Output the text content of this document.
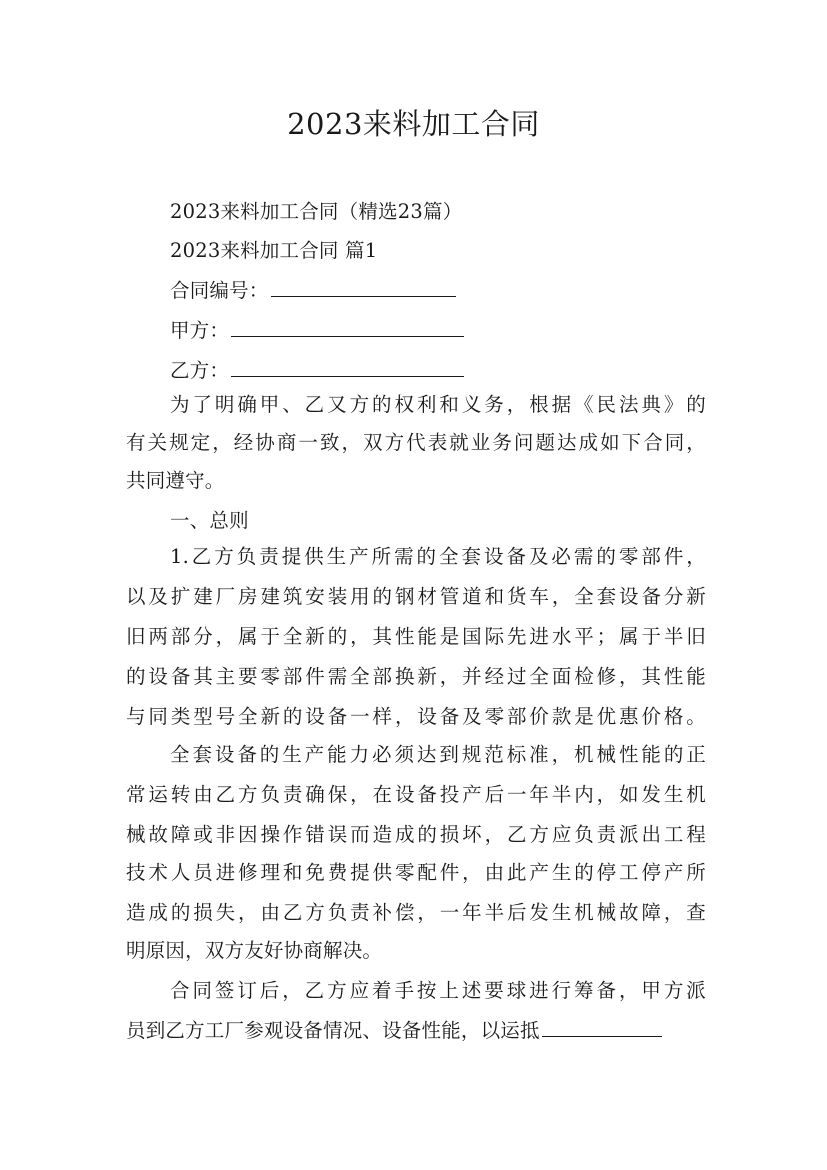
2023来料加工合同
2023来料加工合同（精选23篇）
2023来料加工合同 篇1
合同编号：
甲方：
乙方：
为了明确甲、乙又方的权利和义务，根据《民法典》的
有关规定，经协商一致，双方代表就业务问题达成如下合同，
共同遵守。
一、总则
1.乙方负责提供生产所需的全套设备及必需的零部件，
以及扩建厂房建筑安装用的钢材管道和货车，全套设备分新
旧两部分，属于全新的，其性能是国际先进水平；属于半旧
的设备其主要零部件需全部换新，并经过全面检修，其性能
与同类型号全新的设备一样，设备及零部价款是优惠价格。
全套设备的生产能力必须达到规范标准，机械性能的正
常运转由乙方负责确保，在设备投产后一年半内，如发生机
械故障或非因操作错误而造成的损坏，乙方应负责派出工程
技术人员进修理和免费提供零配件，由此产生的停工停产所
造成的损失，由乙方负责补偿，一年半后发生机械故障，查
明原因，双方友好协商解决。
合同签订后，乙方应着手按上述要球进行筹备，甲方派
员到乙方工厂参观设备情况、设备性能，以运抵
